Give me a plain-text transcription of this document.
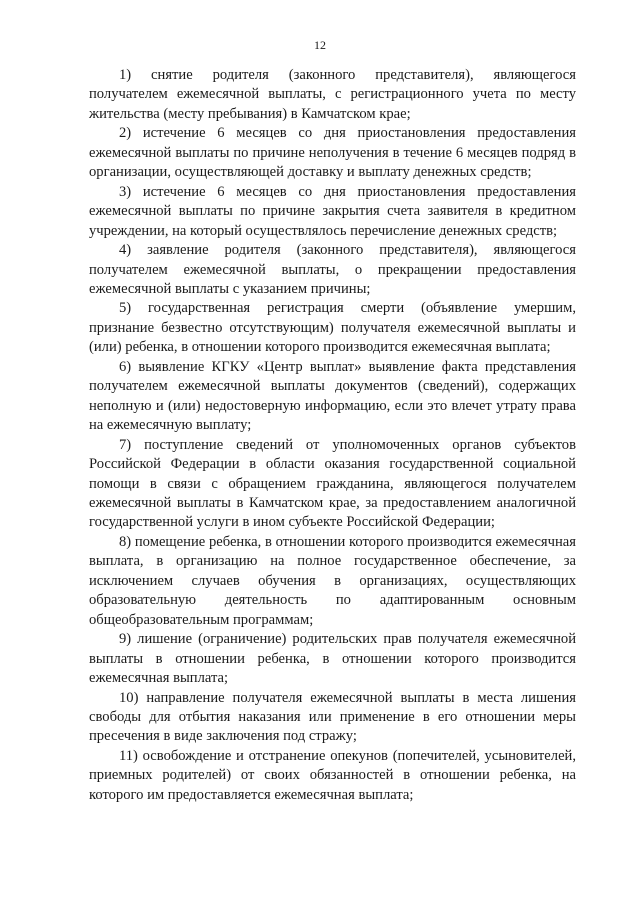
12

1) снятие родителя (законного представителя), являющегося получателем ежемесячной выплаты, с регистрационного учета по месту жительства (месту пребывания) в Камчатском крае;

2) истечение 6 месяцев со дня приостановления предоставления ежемесячной выплаты по причине неполучения в течение 6 месяцев подряд в организации, осуществляющей доставку и выплату денежных средств;

3) истечение 6 месяцев со дня приостановления предоставления ежемесячной выплаты по причине закрытия счета заявителя в кредитном учреждении, на который осуществлялось перечисление денежных средств;

4) заявление родителя (законного представителя), являющегося получателем ежемесячной выплаты, о прекращении предоставления ежемесячной выплаты с указанием причины;

5) государственная регистрация смерти (объявление умершим, признание безвестно отсутствующим) получателя ежемесячной выплаты и (или) ребенка, в отношении которого производится ежемесячная выплата;

6) выявление КГКУ «Центр выплат» выявление факта представления получателем ежемесячной выплаты документов (сведений), содержащих неполную и (или) недостоверную информацию, если это влечет утрату права на ежемесячную выплату;

7) поступление сведений от уполномоченных органов субъектов Российской Федерации в области оказания государственной социальной помощи в связи с обращением гражданина, являющегося получателем ежемесячной выплаты в Камчатском крае, за предоставлением аналогичной государственной услуги в ином субъекте Российской Федерации;

8) помещение ребенка, в отношении которого производится ежемесячная выплата, в организацию на полное государственное обеспечение, за исключением случаев обучения в организациях, осуществляющих образовательную деятельность по адаптированным основным общеобразовательным программам;

9) лишение (ограничение) родительских прав получателя ежемесячной выплаты в отношении ребенка, в отношении которого производится ежемесячная выплата;

10) направление получателя ежемесячной выплаты в места лишения свободы для отбытия наказания или применение в его отношении меры пресечения в виде заключения под стражу;

11) освобождение и отстранение опекунов (попечителей, усыновителей, приемных родителей) от своих обязанностей в отношении ребенка, на которого им предоставляется ежемесячная выплата;
